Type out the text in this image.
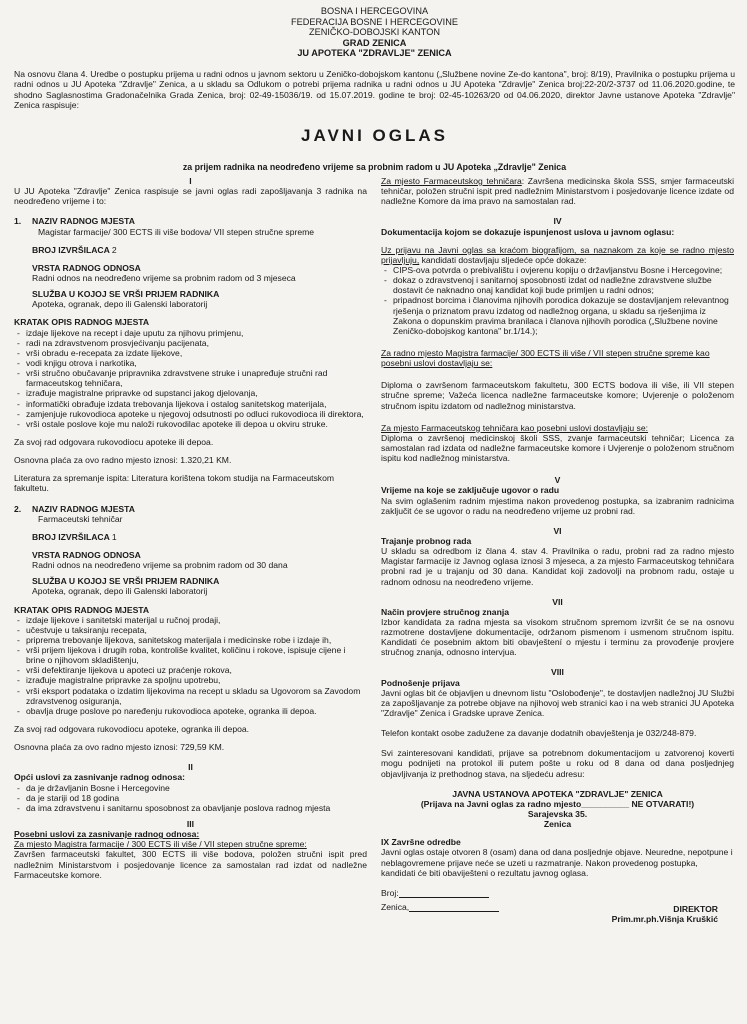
BOSNA I HERCEGOVINA
FEDERACIJA BOSNE I HERCEGOVINE
ZENIČKO-DOBOJSKI KANTON
GRAD ZENICA
JU APOTEKA "ZDRAVLJE" ZENICA

Na osnovu člana 4. Uredbe o postupku prijema u radni odnos u javnom sektoru u Zeničko-dobojskom kantonu („Službene novine Ze-do kantona", broj: 8/19), Pravilnika o postupku prijema u radni odnos u JU Apoteka "Zdravlje" Zenica, a u skladu sa Odlukom o potrebi prijema radnika u radni odnos u JU Apoteka "Zdravlje" Zenica broj:22-20/2-3737 od 11.06.2020.godine, te shodno Saglasnostima Gradonačelnika Grada Zenica, broj: 02-49-15036/19. od 15.07.2019. godine te broj: 02-45-10263/20 od 04.06.2020, direktor Javne ustanove Apoteka "Zdravlje" Zenica raspisuje:

JAVNI OGLAS
za prijem radnika na neodređeno vrijeme sa probnim radom u JU Apoteka „Zdravlje" Zenica
I

U JU Apoteka "Zdravlje" Zenica raspisuje se javni oglas radi zapošljavanja 3 radnika na neodređeno vrijeme i to:

1.	NAZIV RADNOG MJESTA

Magistar farmacije/ 300 ECTS ili više bodova/ VII stepen stručne spreme

BROJ IZVRŠILACA 2

VRSTA RADNOG ODNOSA

Radni odnos na neodređeno vrijeme sa probnim radom od 3 mjeseca

SLUŽBA U KOJOJ SE VRŠI PRIJEM RADNIKA

Apoteka, ogranak, depo ili Galenski laboratorij

KRATAK OPIS RADNOG MJESTA

- izdaje lijekove na recept i daje uputu za njihovu primjenu,
- radi na zdravstvenom prosvjećivanju pacijenata,
- vrši obradu e-recepata za izdate lijekove,
- vodi knjigu otrova i narkotika,
- vrši stručno obučavanje pripravnika zdravstvene struke i unapređuje stručni rad farmaceutskog tehničara,
- izrađuje magistralne pripravke od supstanci jakog djelovanja,
- informatički obrađuje izdata trebovanja lijekova i ostalog sanitetskog materijala,
- zamjenjuje rukovodioca apoteke u njegovoj odsutnosti po odluci rukovodioca ili direktora,
- vrši ostale poslove koje mu naloži rukovodilac apoteke ili depoa u okviru struke.

Za svoj rad odgovara rukovodiocu apoteke ili depoa.

Osnovna plaća za ovo radno mjesto iznosi: 1.320,21 KM.

Literatura za spremanje ispita: Literatura korištena tokom studija na Farmaceutskom fakultetu.

2.	NAZIV RADNOG MJESTA

Farmaceutski tehničar

BROJ IZVRŠILACA 1

VRSTA RADNOG ODNOSA

Radni odnos na neodređeno vrijeme sa probnim radom od 30 dana

SLUŽBA U KOJOJ SE VRŠI PRIJEM RADNIKA

Apoteka, ogranak, depo ili Galenski laboratorij

KRATAK OPIS RADNOG MJESTA

- izdaje lijekove i sanitetski materijal u ručnoj prodaji,
- učestvuje u taksiranju recepata,
- priprema trebovanje lijekova, sanitetskog materijala i medicinske robe i izdaje ih,
- vrši prijem lijekova i drugih roba, kontroliše kvalitet, količinu i rokove, ispisuje cijene i brine o njihovom skladištenju,
- vrši defektiranje lijekova u apoteci uz praćenje rokova,
- izrađuje magistralne pripravke za spoljnu upotrebu,
- vrši eksport podataka o izdatim lijekovima na recept u skladu sa Ugovorom sa Zavodom zdravstvenog osiguranja,
- obavlja druge poslove po naređenju rukovodioca apoteke, ogranka ili depoa.

Za svoj rad odgovara rukovodiocu apoteke, ogranka ili depoa.

Osnovna plaća za ovo radno mjesto iznosi: 729,59 KM.

II

Opći uslovi za zasnivanje radnog odnosa:

- da je državljanin Bosne i Hercegovine
- da je stariji od 18 godina
- da ima zdravstvenu i sanitarnu sposobnost za obavljanje poslova radnog mjesta
III

Posebni uslovi za zasnivanje radnog odnosa:

Za mjesto Magistra farmacije / 300 ECTS ili više / VII stepen stručne spreme:

Završen farmaceutski fakultet, 300 ECTS ili više bodova, položen stručni ispit pred nadležnim Ministarstvom i posjedovanje licence za samostalan rad izdat od nadležne Farmaceutske komore.

Za mjesto Farmaceutskog tehničara: Završena medicinska škola SSS, smjer farmaceutski tehničar, položen stručni ispit pred nadležnim Ministarstvom i posjedovanje licence izdate od nadležne Komore da ima pravo na samostalan rad.

IV

Dokumentacija kojom se dokazuje ispunjenost uslova u javnom oglasu:

Uz prijavu na Javni oglas sa kraćom biografijom, sa naznakom za koje se radno mjesto prijavljuju, kandidati dostavljaju sljedeće opće dokaze:

- CIPS-ova potvrda o prebivalištu i ovjerenu kopiju o državljanstvu Bosne i Hercegovine;
- dokaz o zdravstvenoj i sanitarnoj sposobnosti izdat od nadležne zdravstvene službe dostavit će naknadno onaj kandidat koji bude primljen u radni odnos;
- pripadnost borcima i članovima njihovih porodica dokazuje se dostavljanjem relevantnog rješenja o priznatom pravu izdatog od nadležnog organa, u skladu sa rješenjima iz Zakona o dopunskim pravima branilaca i članova njihovih porodica („Službene novine Zeničko-dobojskog kantona" br.1/14.);

Za radno mjesto Magistra farmacije/ 300 ECTS ili više / VII stepen stručne spreme kao posebni uslovi dostavljaju se:

Diploma o završenom farmaceutskom fakultetu, 300 ECTS bodova ili više, ili VII stepen stručne spreme; Važeća licenca nadležne farmaceutske komore; Uvjerenje o položenom stručnom ispitu izdatom od nadležnog ministarstva.

Za mjesto Farmaceutskog tehničara kao posebni uslovi dostavljaju se:

Diploma o završenoj medicinskoj školi SSS, zvanje farmaceutski tehničar; Licenca za samostalan rad izdata od nadležne farmaceutske komore i Uvjerenje o položenom stručnom ispitu kod nadležnog ministarstva.

V

Vrijeme na koje se zaključuje ugovor o radu

Na svim oglašenim radnim mjestima nakon provedenog postupka, sa izabranim radnicima zaključit će se ugovor o radu na neodređeno vrijeme uz probni rad.

VI

Trajanje probnog rada

U skladu sa odredbom iz člana 4. stav 4. Pravilnika o radu, probni rad za radno mjesto Magistar farmacije iz Javnog oglasa iznosi 3 mjeseca, a za mjesto Farmaceutskog tehničara probni rad je u trajanju od 30 dana. Kandidat koji zadovolji na probnom radu, ostaje u radnom odnosu na neodređeno vrijeme.

VII

Način provjere stručnog znanja

Izbor kandidata za radna mjesta sa visokom stručnom spremom izvršit će se na osnovu razmotrene dostavljene dokumentacije, održanom pismenom i usmenom stručnom ispitu. Kandidati će posebnim aktom biti obavještení o mjestu i terminu za provođenje provjere stručnog znanja, odnosno intervjua.

VIII

Podnošenje prijava

Javni oglas bit će objavljen u dnevnom listu "Oslobođenje", te dostavljen nadležnoj JU Službi za zapošljavanje za potrebe objave na njihovoj web stranici kao i na web stranici JU Apoteka "Zdravlje" Zenica i Gradske uprave Zenica.

Telefon kontakt osobe zadužene za davanje dodatnih obavještenja je 032/248-879.

Svi zainteresovani kandidati, prijave sa potrebnom dokumentacijom u zatvorenoj koverti mogu podnijeti na protokol ili putem pošte u roku od 8 dana od dana posljednjeg objavljivanja iz prethodnog stava, na sljedeću adresu:

JAVNA USTANOVA APOTEKA "ZDRAVLJE" ZENICA

(Prijava na Javni oglas za radno mjesto__________ NE OTVARATI!)

Sarajevska 35.

Zenica

IX Završne odredbe

Javni oglas ostaje otvoren 8 (osam) dana od dana posljednje objave. Neuredne, nepotpune i neblagovremene prijave neće se uzeti u razmatranje. Nakon provedenog postupka, kandidati će biti obaviješteni o rezultatu javnog oglasa.

Broj:

Zenica,	DIREKTOR

Prim.mr.ph.Višnja Kruškić
